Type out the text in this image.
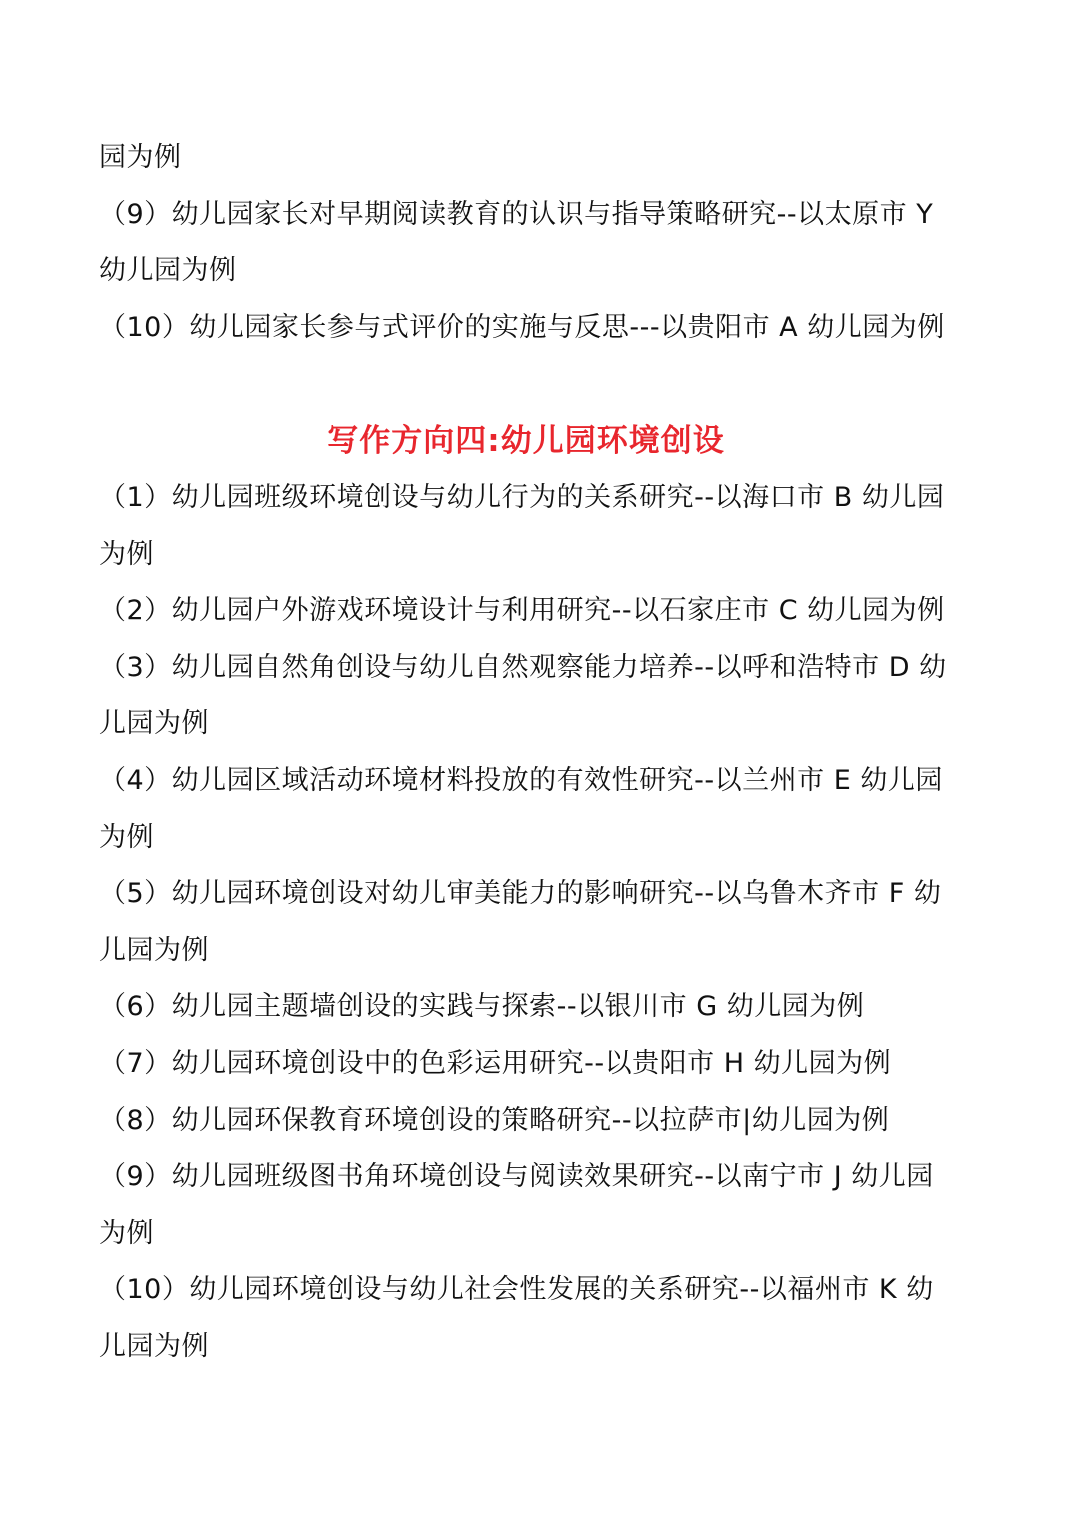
园为例
（9）幼儿园家长对早期阅读教育的认识与指导策略研究--以太原市 Y
幼儿园为例
（10）幼儿园家长参与式评价的实施与反思---以贵阳市 A 幼儿园为例
写作方向四:幼儿园环境创设
（1）幼儿园班级环境创设与幼儿行为的关系研究--以海口市 B 幼儿园
为例
（2）幼儿园户外游戏环境设计与利用研究--以石家庄市 C 幼儿园为例
（3）幼儿园自然角创设与幼儿自然观察能力培养--以呼和浩特市 D 幼
儿园为例
（4）幼儿园区域活动环境材料投放的有效性研究--以兰州市 E 幼儿园
为例
（5）幼儿园环境创设对幼儿审美能力的影响研究--以乌鲁木齐市 F 幼
儿园为例
（6）幼儿园主题墙创设的实践与探索--以银川市 G 幼儿园为例
（7）幼儿园环境创设中的色彩运用研究--以贵阳市 H 幼儿园为例
（8）幼儿园环保教育环境创设的策略研究--以拉萨市|幼儿园为例
（9）幼儿园班级图书角环境创设与阅读效果研究--以南宁市 J 幼儿园
为例
（10）幼儿园环境创设与幼儿社会性发展的关系研究--以福州市 K 幼
儿园为例
